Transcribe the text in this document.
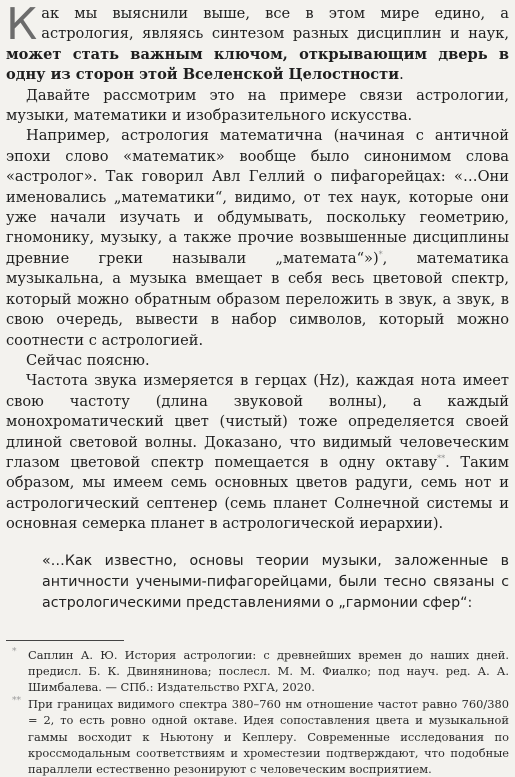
Как мы выяснили выше, все в этом мире едино, а астрология, являясь синтезом разных дисциплин и наук, может стать важным ключом, открывающим дверь в одну из сторон этой Вселенской Целостности.

Давайте рассмотрим это на примере связи астрологии, музыки, математики и изобразительного искусства.

Например, астрология математична (начиная с античной эпохи слово «математик» вообще было синонимом слова «астролог». Так говорил Авл Геллий о пифагорейцах: «…Они именовались „математики“, видимо, от тех наук, которые они уже начали изучать и обдумывать, поскольку геометрию, гномонику, музыку, а также прочие возвышенные дисциплины древние греки называли „математа“»)*, математика музыкальна, а музыка вмещает в себя весь цветовой спектр, который можно обратным образом переложить в звук, а звук, в свою очередь, вывести в набор символов, который можно соотнести с астрологией.

Сейчас поясню.

Частота звука измеряется в герцах (Hz), каждая нота имеет свою частоту (длина звуковой волны), а каждый монохроматический цвет (чистый) тоже определяется своей длиной световой волны. Доказано, что видимый человеческим глазом цветовой спектр помещается в одну октаву**. Таким образом, мы имеем семь основных цветов радуги, семь нот и астрологический септенер (семь планет Солнечной системы и основная семерка планет в астрологической иерархии).

«…Как известно, основы теории музыки, заложенные в античности учеными-пифагорейцами, были тесно связаны с астрологическими представлениями о „гармонии сфер“:
* Саплин А. Ю. История астрологии: с древнейших времен до наших дней. предисл. Б. К. Двинянинова; послесл. М. М. Фиалко; под науч. ред. А. А. Шимбалева. — СПб.: Издательство РХГА, 2020.
** При границах видимого спектра 380–760 нм отношение частот равно 760/380 = 2, то есть ровно одной октаве. Идея сопоставления цвета и музыкальной гаммы восходит к Ньютону и Кеплеру. Современные исследования по кроссмодальным соответствиям и хроместезии подтверждают, что подобные параллели естественно резонируют с человеческим восприятием.
